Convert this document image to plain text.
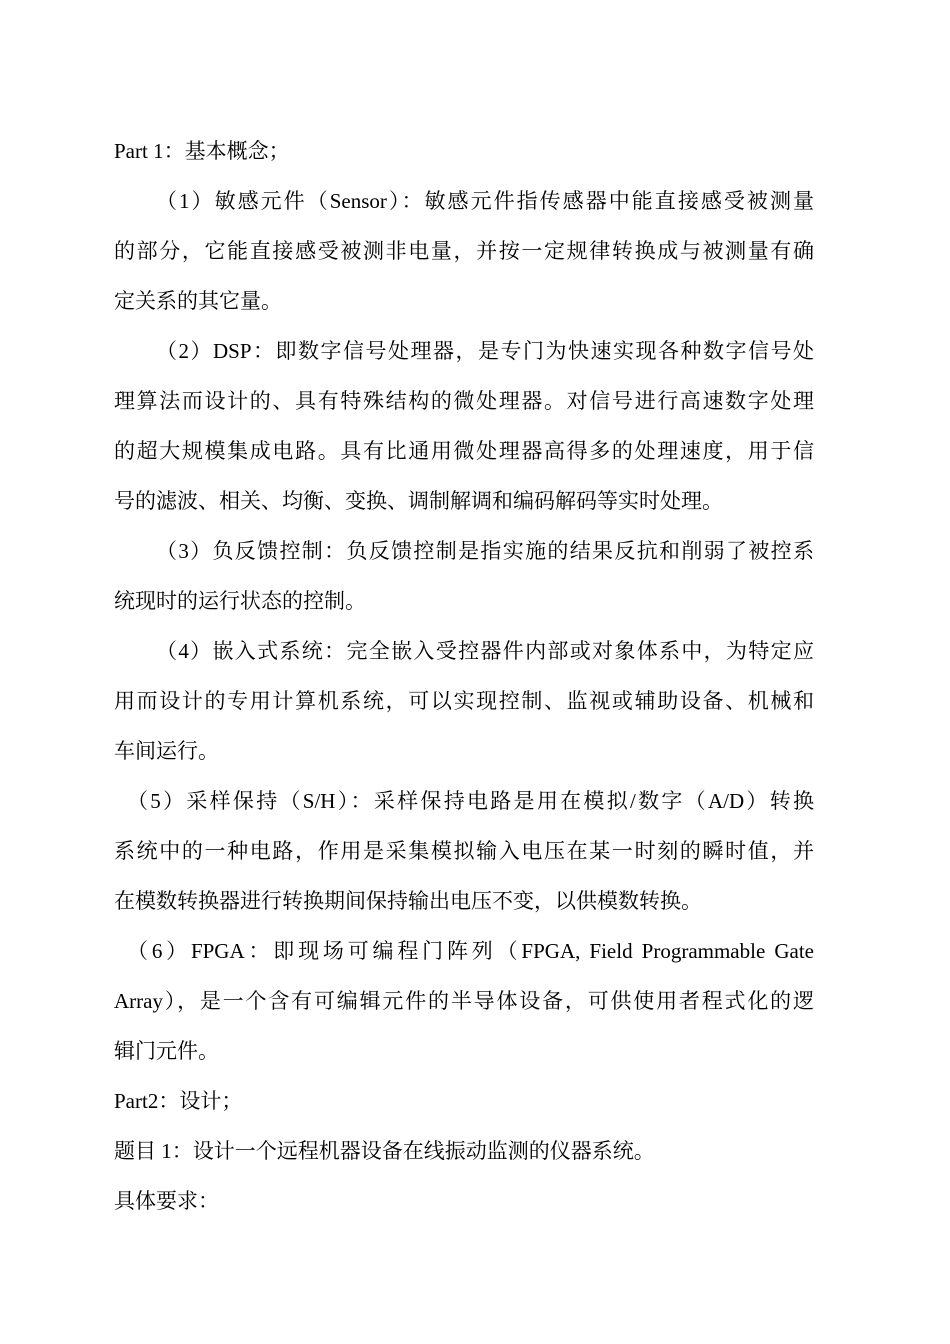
Part 1：基本概念；
（1）敏感元件（Sensor）：敏感元件指传感器中能直接感受被测量
的部分，它能直接感受被测非电量，并按一定规律转换成与被测量有确
定关系的其它量。
（2）DSP：即数字信号处理器，是专门为快速实现各种数字信号处
理算法而设计的、具有特殊结构的微处理器。对信号进行高速数字处理
的超大规模集成电路。具有比通用微处理器高得多的处理速度，用于信
号的滤波、相关、均衡、变换、调制解调和编码解码等实时处理。
（3）负反馈控制：负反馈控制是指实施的结果反抗和削弱了被控系
统现时的运行状态的控制。
（4）嵌入式系统：完全嵌入受控器件内部或对象体系中，为特定应
用而设计的专用计算机系统，可以实现控制、监视或辅助设备、机械和
车间运行。
（5）采样保持（S/H）：采样保持电路是用在模拟/数字（A/D）转换
系统中的一种电路，作用是采集模拟输入电压在某一时刻的瞬时值，并
在模数转换器进行转换期间保持输出电压不变，以供模数转换。
（6）FPGA：即现场可编程门阵列（FPGA, Field Programmable Gate
Array），是一个含有可编辑元件的半导体设备，可供使用者程式化的逻
辑门元件。
Part2：设计；
题目 1：设计一个远程机器设备在线振动监测的仪器系统。
具体要求：
